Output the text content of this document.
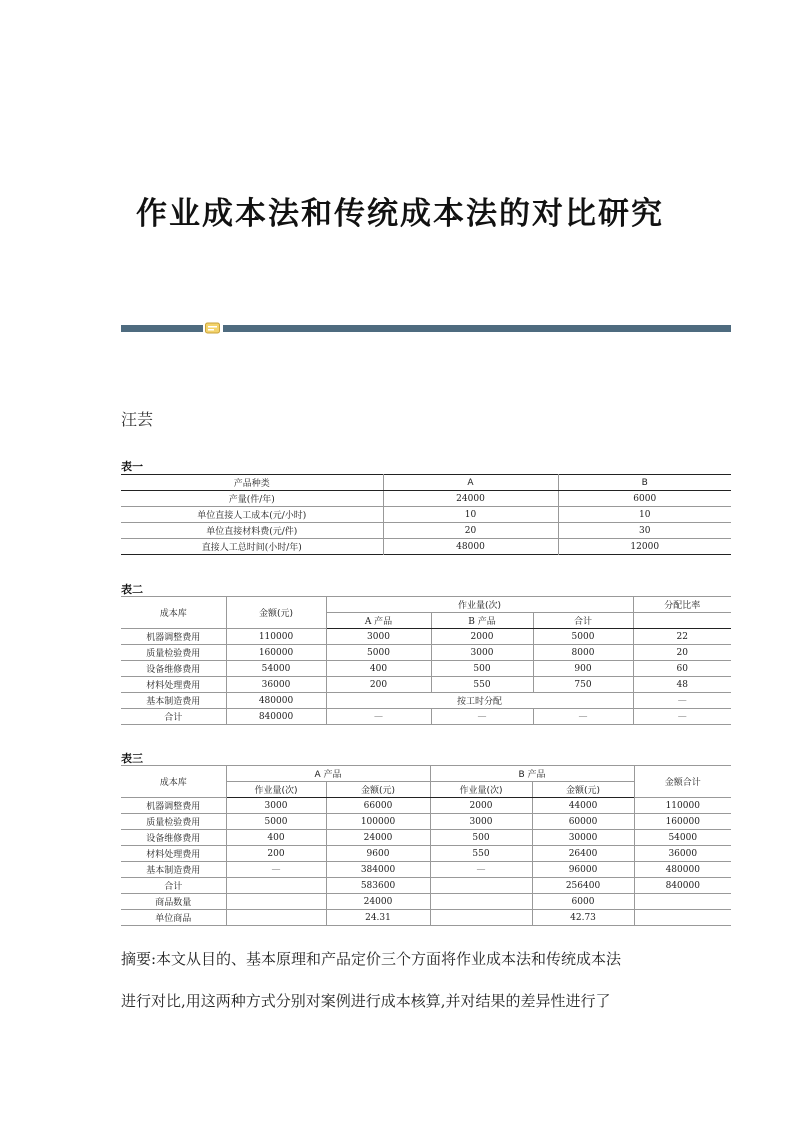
作业成本法和传统成本法的对比研究
汪芸
表一
产品种类	A	B
产量(件/年)	24000	6000
单位直接人工成本(元/小时)	10	10
单位直接材料费(元/件)	20	30
直接人工总时间(小时/年)	48000	12000
表二
成本库	金额(元)	作业量(次)			分配比率
		A 产品	B 产品	合计	
机器调整费用	110000	3000	2000	5000	22
质量检验费用	160000	5000	3000	8000	20
设备维修费用	54000	400	500	900	60
材料处理费用	36000	200	550	750	48
基本制造费用	480000	按工时分配			—
合计	840000	—	—	—	—
表三
成本库	A 产品		B 产品		金额合计
	作业量(次)	金额(元)	作业量(次)	金额(元)	
机器调整费用	3000	66000	2000	44000	110000
质量检验费用	5000	100000	3000	60000	160000
设备维修费用	400	24000	500	30000	54000
材料处理费用	200	9600	550	26400	36000
基本制造费用	—	384000	—	96000	480000
合计		583600		256400	840000
商品数量		24000		6000	
单位商品		24.31		42.73	
摘要:本文从目的、基本原理和产品定价三个方面将作业成本法和传统成本法
进行对比,用这两种方式分别对案例进行成本核算,并对结果的差异性进行了
